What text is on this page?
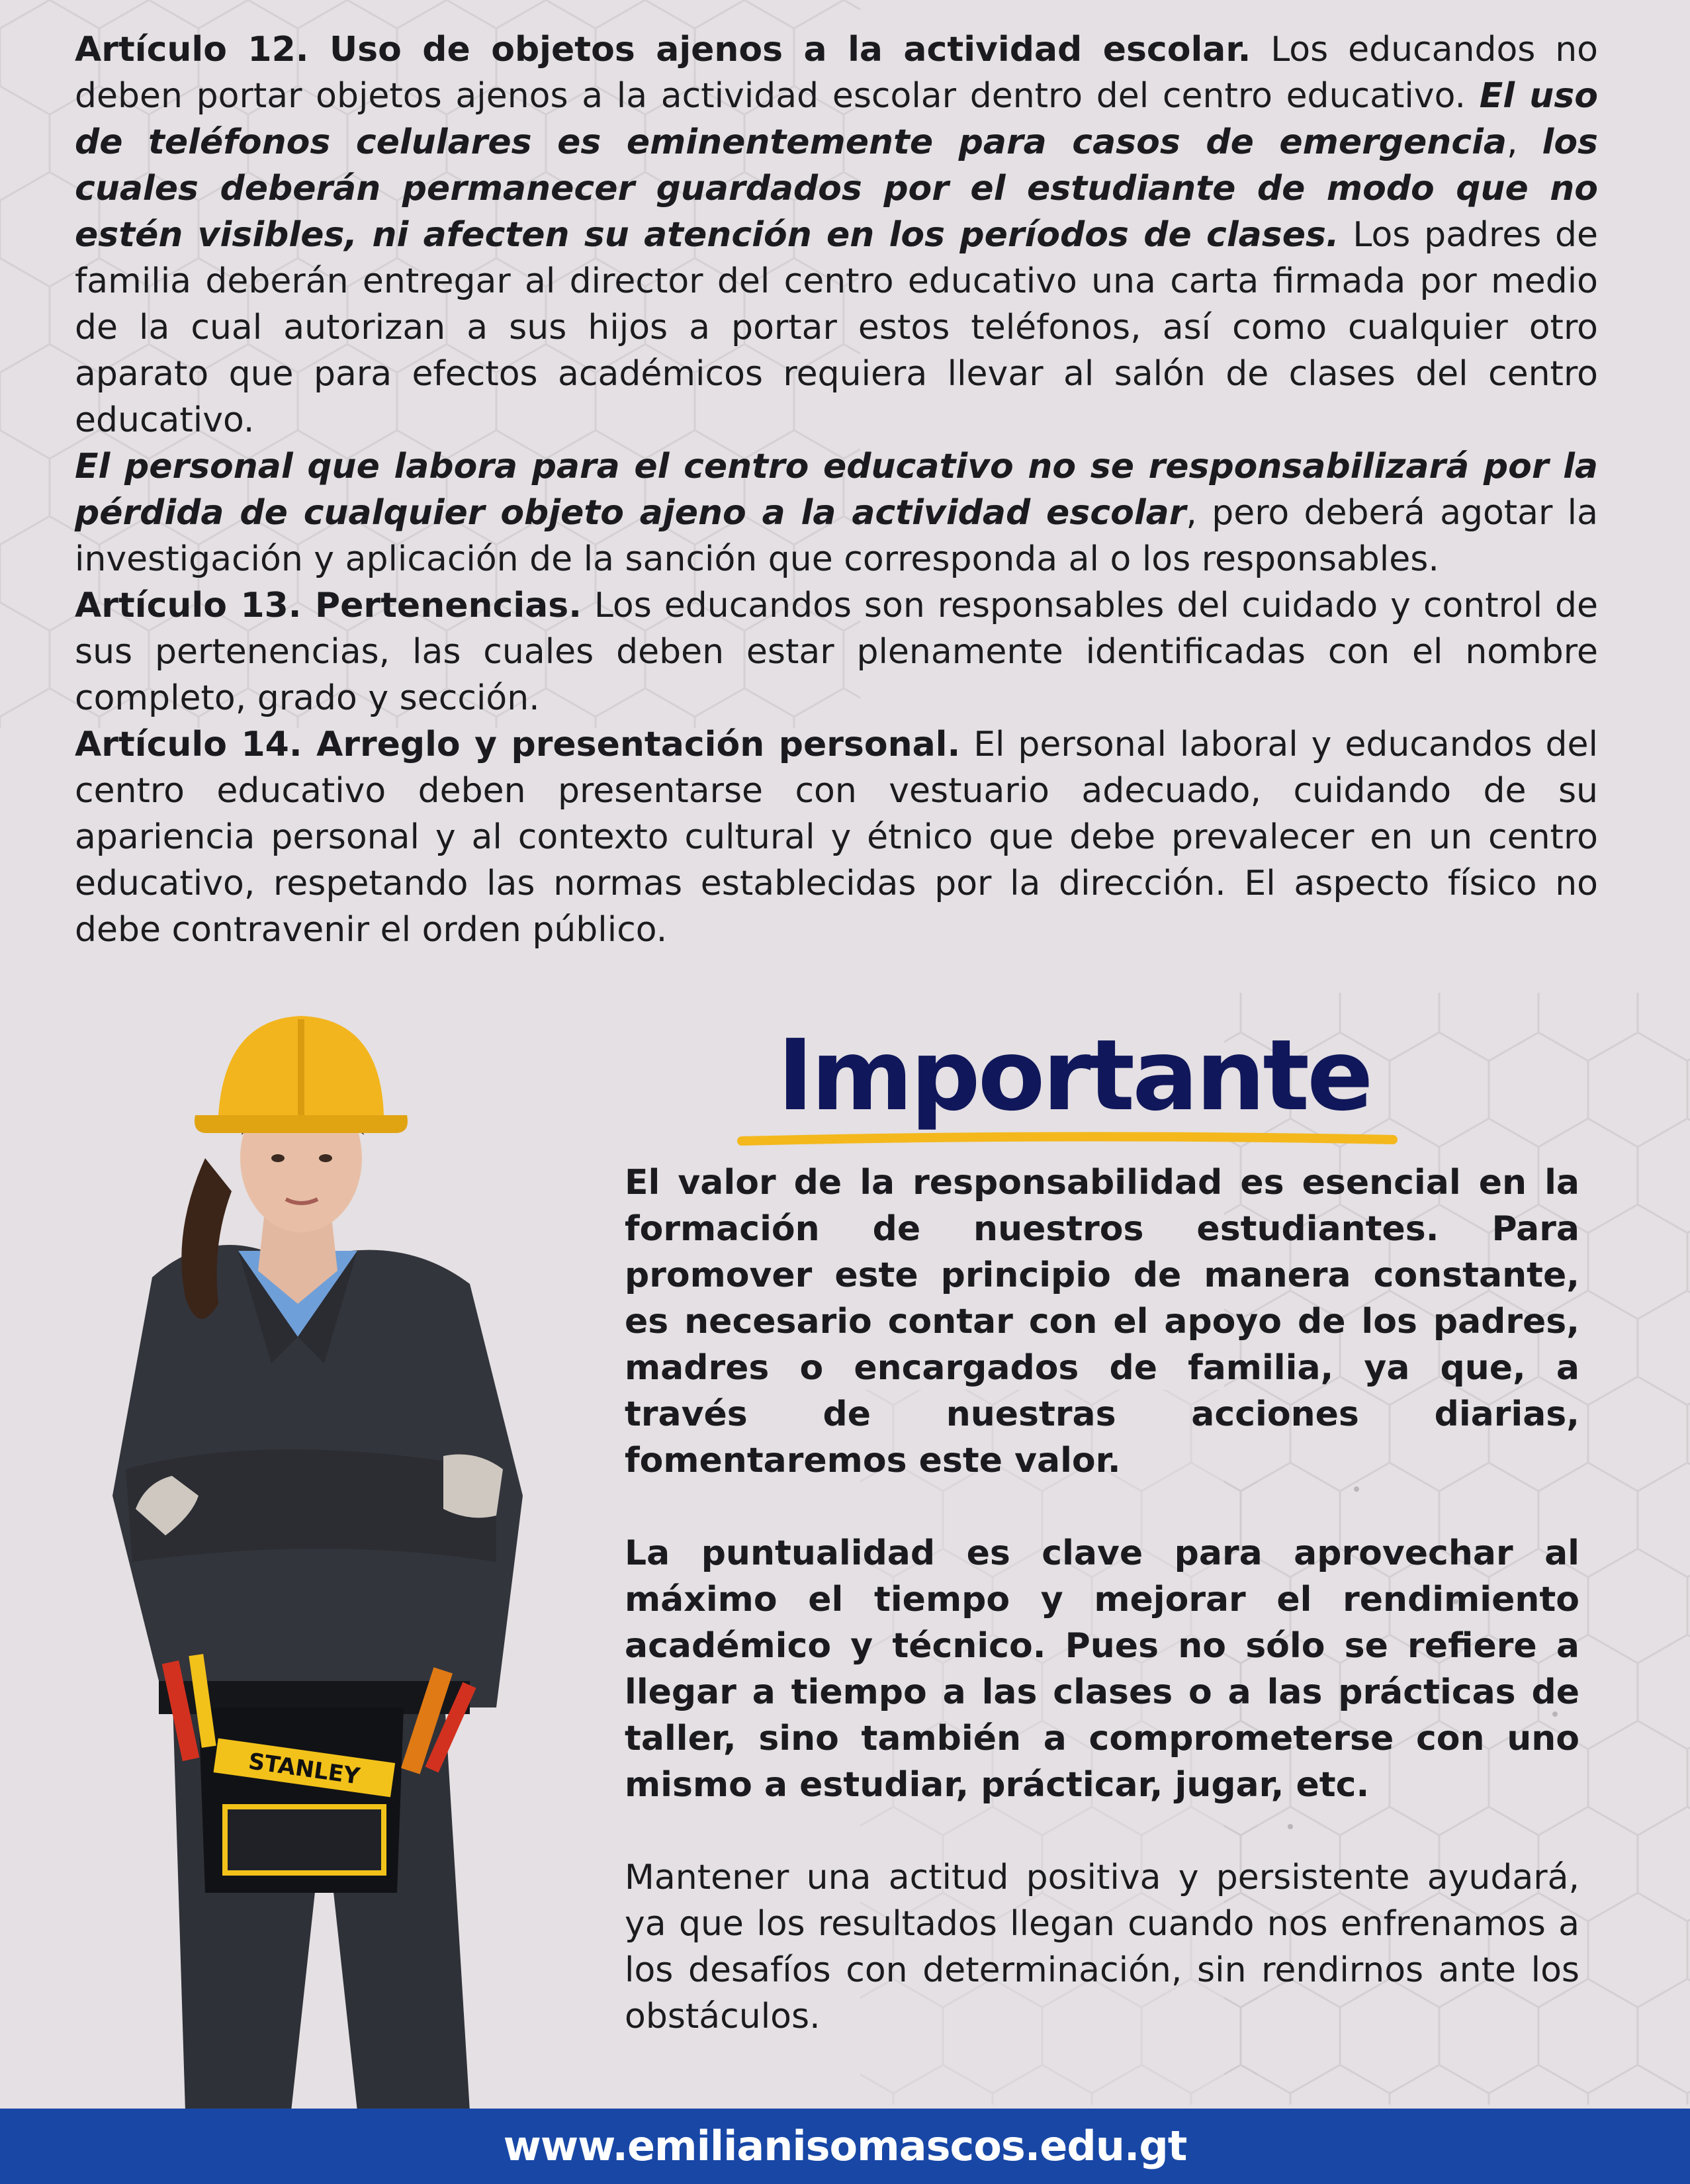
Artículo 12. Uso de objetos ajenos a la actividad escolar. Los educandos no deben portar objetos ajenos a la actividad escolar dentro del centro educativo. El uso de teléfonos celulares es eminentemente para casos de emergencia, los cuales deberán permanecer guardados por el estudiante de modo que no estén visibles, ni afecten su atención en los períodos de clases. Los padres de familia deberán entregar al director del centro educativo una carta firmada por medio de la cual autorizan a sus hijos a portar estos teléfonos, así como cualquier otro aparato que para efectos académicos requiera llevar al salón de clases del centro educativo.

El personal que labora para el centro educativo no se responsabilizará por la pérdida de cualquier objeto ajeno a la actividad escolar, pero deberá agotar la investigación y aplicación de la sanción que corresponda al o los responsables.

Artículo 13. Pertenencias. Los educandos son responsables del cuidado y control de sus pertenencias, las cuales deben estar plenamente identificadas con el nombre completo, grado y sección.

Artículo 14. Arreglo y presentación personal. El personal laboral y educandos del centro educativo deben presentarse con vestuario adecuado, cuidando de su apariencia personal y al contexto cultural y étnico que debe prevalecer en un centro educativo, respetando las normas establecidas por la dirección. El aspecto físico no debe contravenir el orden público.

STANLEY
Importante

El valor de la responsabilidad es esencial en la formación de nuestros estudiantes. Para promover este principio de manera constante, es necesario contar con el apoyo de los padres, madres o encargados de familia, ya que, a través de nuestras acciones diarias, fomentaremos este valor.

La puntualidad es clave para aprovechar al máximo el tiempo y mejorar el rendimiento académico y técnico. Pues no sólo se refiere a llegar a tiempo a las clases o a las prácticas de taller, sino también a comprometerse con uno mismo a estudiar, prácticar, jugar, etc.

Mantener una actitud positiva y persistente ayudará, ya que los resultados llegan cuando nos enfrenamos a los desafíos con determinación, sin rendirnos ante los obstáculos.

www.emilianisomascos.edu.gt
